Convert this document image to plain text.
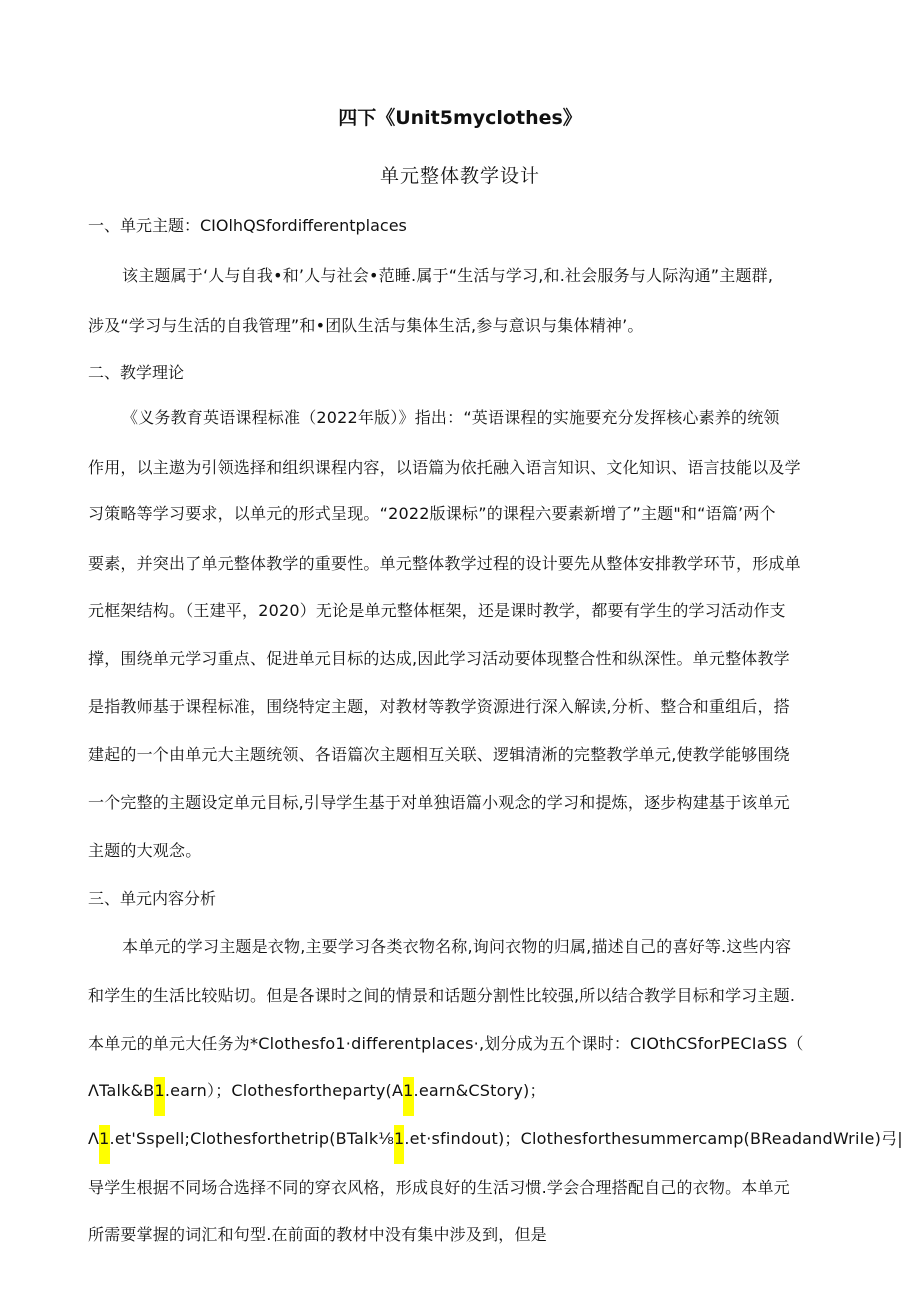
四下《Unit5myclothes》
单元整体教学设计
一、单元主题：CIOlhQSfordifferentplaces
该主题属于‘人与自我•和’人与社会•范睡.属于“生活与学习,和.社会服务与人际沟通”主题群,
涉及“学习与生活的自我管理”和•团队生活与集体生活,参与意识与集体精神’。
二、教学理论
《义务教育英语课程标准（2022年版）》指出：“英语课程的实施要充分发挥核心素养的统领
作用，以主遨为引领选择和组织课程内容，以语篇为依托融入语言知识、文化知识、语言技能以及学
习策略等学习要求，以单元的形式呈现。“2022版课标”的课程六要素新增了”主题"和“语篇’两个
要素，并突出了单元整体教学的重要性。单元整体教学过程的设计要先从整体安排教学环节，形成单
元框架结构。（王建平，2020）无论是单元整体框架，还是课时教学，都要有学生的学习活动作支
撑，围绕单元学习重点、促进单元目标的达成,因此学习活动要体现整合性和纵深性。单元整体教学
是指教师基于课程标准，围绕特定主题，对教材等教学资源进行深入解读,分析、整合和重组后，搭
建起的一个由单元大主题统领、各语篇次主题相互关联、逻辑清淅的完整教学单元,使教学能够围绕
一个完整的主题设定单元目标,引导学生基于对单独语篇小观念的学习和提炼，逐步构建基于该单元
主题的大观念。
三、单元内容分析
本单元的学习主题是衣物,主要学习各类衣物名称,询问衣物的归属,描述自己的喜好等.这些内容
和学生的生活比较贴切。但是各课时之间的情景和话题分割性比较强,所以结合教学目标和学习主题.
本单元的单元大任务为*Clothesfo1·differentplaces·,划分成为五个课时：CIOthCSforPECIaSS（
ΛTalk&B1.earn）；Clothesfortheparty(A1.earn&CStory)；
Λ1.et'Sspell;Clothesforthetrip(BTalk⅛1.et·sfindout)；Clothesforthesummercamp(BReadandWriIe)弓|
导学生根据不同场合选择不同的穿衣风格，形成良好的生活习惯.学会合理搭配自己的衣物。本单元
所需要掌握的词汇和句型.在前面的教材中没有集中涉及到，但是
